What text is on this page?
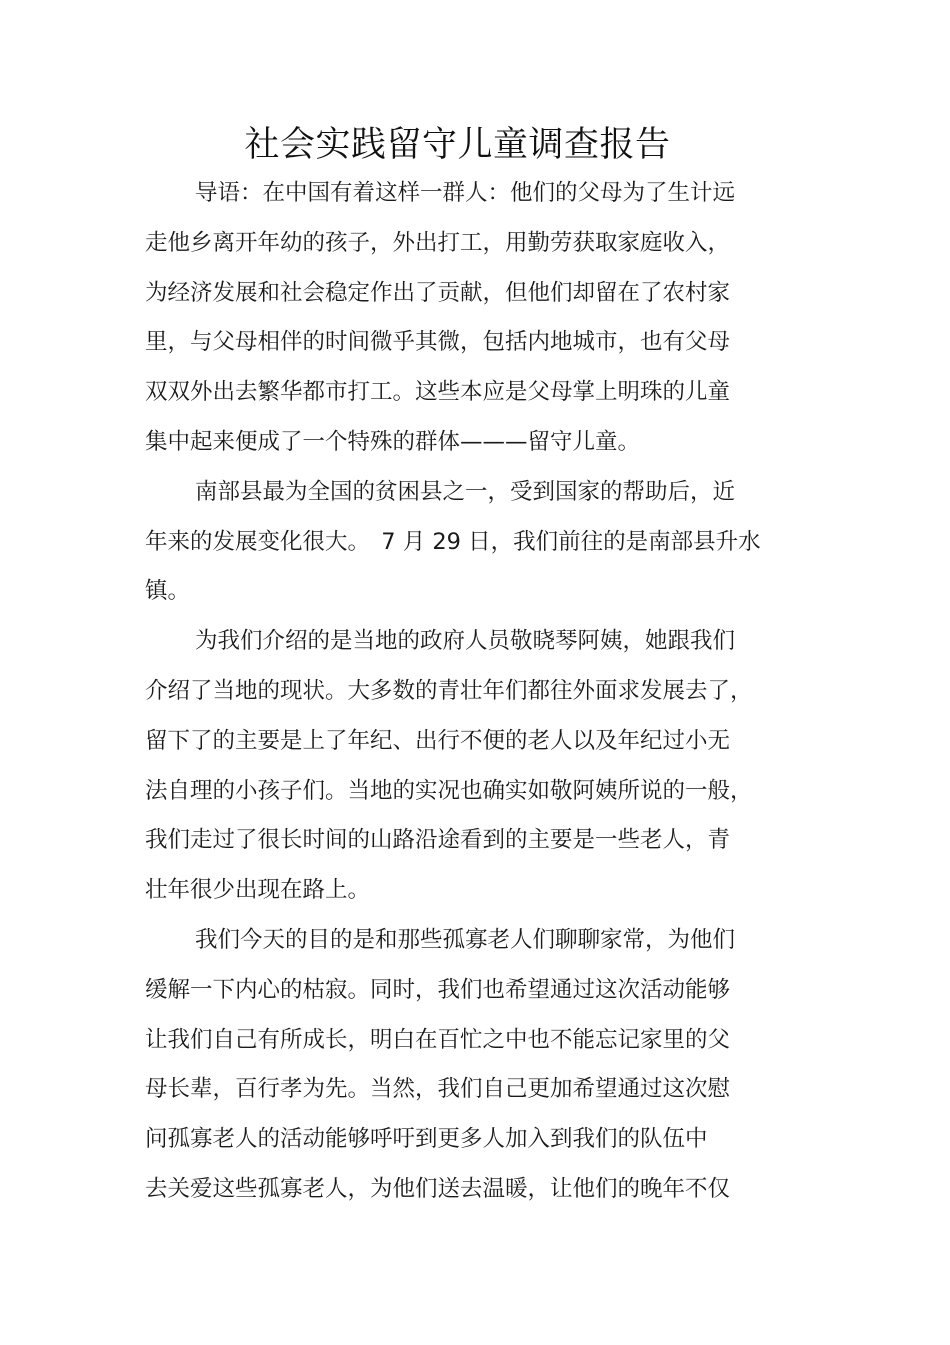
社会实践留守儿童调查报告
导语：在中国有着这样一群人：他们的父母为了生计远
走他乡离开年幼的孩子，外出打工，用勤劳获取家庭收入，
为经济发展和社会稳定作出了贡献，但他们却留在了农村家
里，与父母相伴的时间微乎其微，包括内地城市，也有父母
双双外出去繁华都市打工。这些本应是父母掌上明珠的儿童
集中起来便成了一个特殊的群体———留守儿童。
南部县最为全国的贫困县之一，受到国家的帮助后，近
年来的发展变化很大。　7 月 29 日，我们前往的是南部县升水
镇。
为我们介绍的是当地的政府人员敬晓琴阿姨，她跟我们
介绍了当地的现状。大多数的青壮年们都往外面求发展去了，
留下了的主要是上了年纪、出行不便的老人以及年纪过小无
法自理的小孩子们。当地的实况也确实如敬阿姨所说的一般，
我们走过了很长时间的山路沿途看到的主要是一些老人，青
壮年很少出现在路上。
我们今天的目的是和那些孤寡老人们聊聊家常，为他们
缓解一下内心的枯寂。同时，我们也希望通过这次活动能够
让我们自己有所成长，明白在百忙之中也不能忘记家里的父
母长辈，百行孝为先。当然，我们自己更加希望通过这次慰
问孤寡老人的活动能够呼吁到更多人加入到我们的队伍中
去关爱这些孤寡老人，为他们送去温暖，让他们的晚年不仅
